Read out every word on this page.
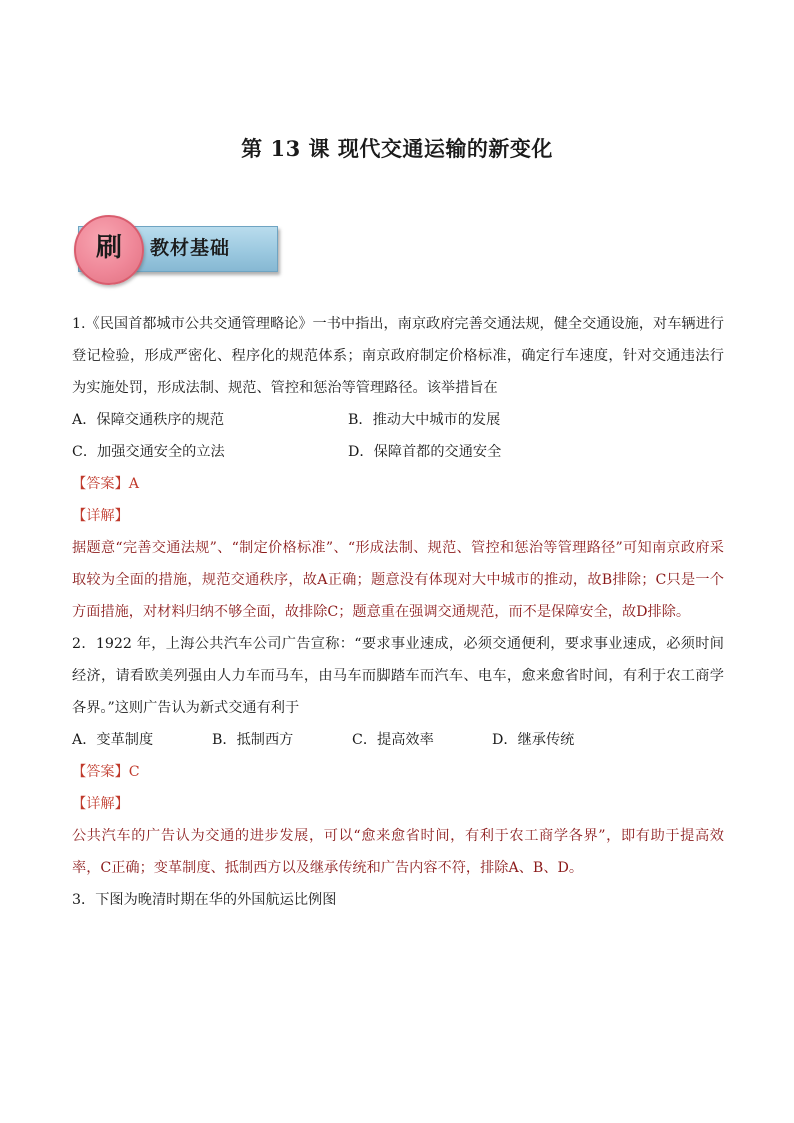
第 13 课 现代交通运输的新变化
教材基础
刷
1.《民国首都城市公共交通管理略论》一书中指出，南京政府完善交通法规，健全交通设施，对车辆进行登记检验，形成严密化、程序化的规范体系；南京政府制定价格标准，确定行车速度，针对交通违法行为实施处罚，形成法制、规范、管控和惩治等管理路径。该举措旨在
A．保障交通秩序的规范	B．推动大中城市的发展
C．加强交通安全的立法	D．保障首都的交通安全
【答案】A
【详解】
据题意“完善交通法规”、“制定价格标准”、“形成法制、规范、管控和惩治等管理路径”可知南京政府采取较为全面的措施，规范交通秩序，故A正确；题意没有体现对大中城市的推动，故B排除；C只是一个方面措施，对材料归纳不够全面，故排除C；题意重在强调交通规范，而不是保障安全，故D排除。
2．1922 年，上海公共汽车公司广告宣称：“要求事业速成，必须交通便利，要求事业速成，必须时间经济，请看欧美列强由人力车而马车，由马车而脚踏车而汽车、电车，愈来愈省时间，有利于农工商学各界。”这则广告认为新式交通有利于
A．变革制度	B．抵制西方	C．提高效率	D．继承传统
【答案】C
【详解】
公共汽车的广告认为交通的进步发展，可以“愈来愈省时间，有利于农工商学各界”，即有助于提高效率，C正确；变革制度、抵制西方以及继承传统和广告内容不符，排除A、B、D。
3．下图为晚清时期在华的外国航运比例图
